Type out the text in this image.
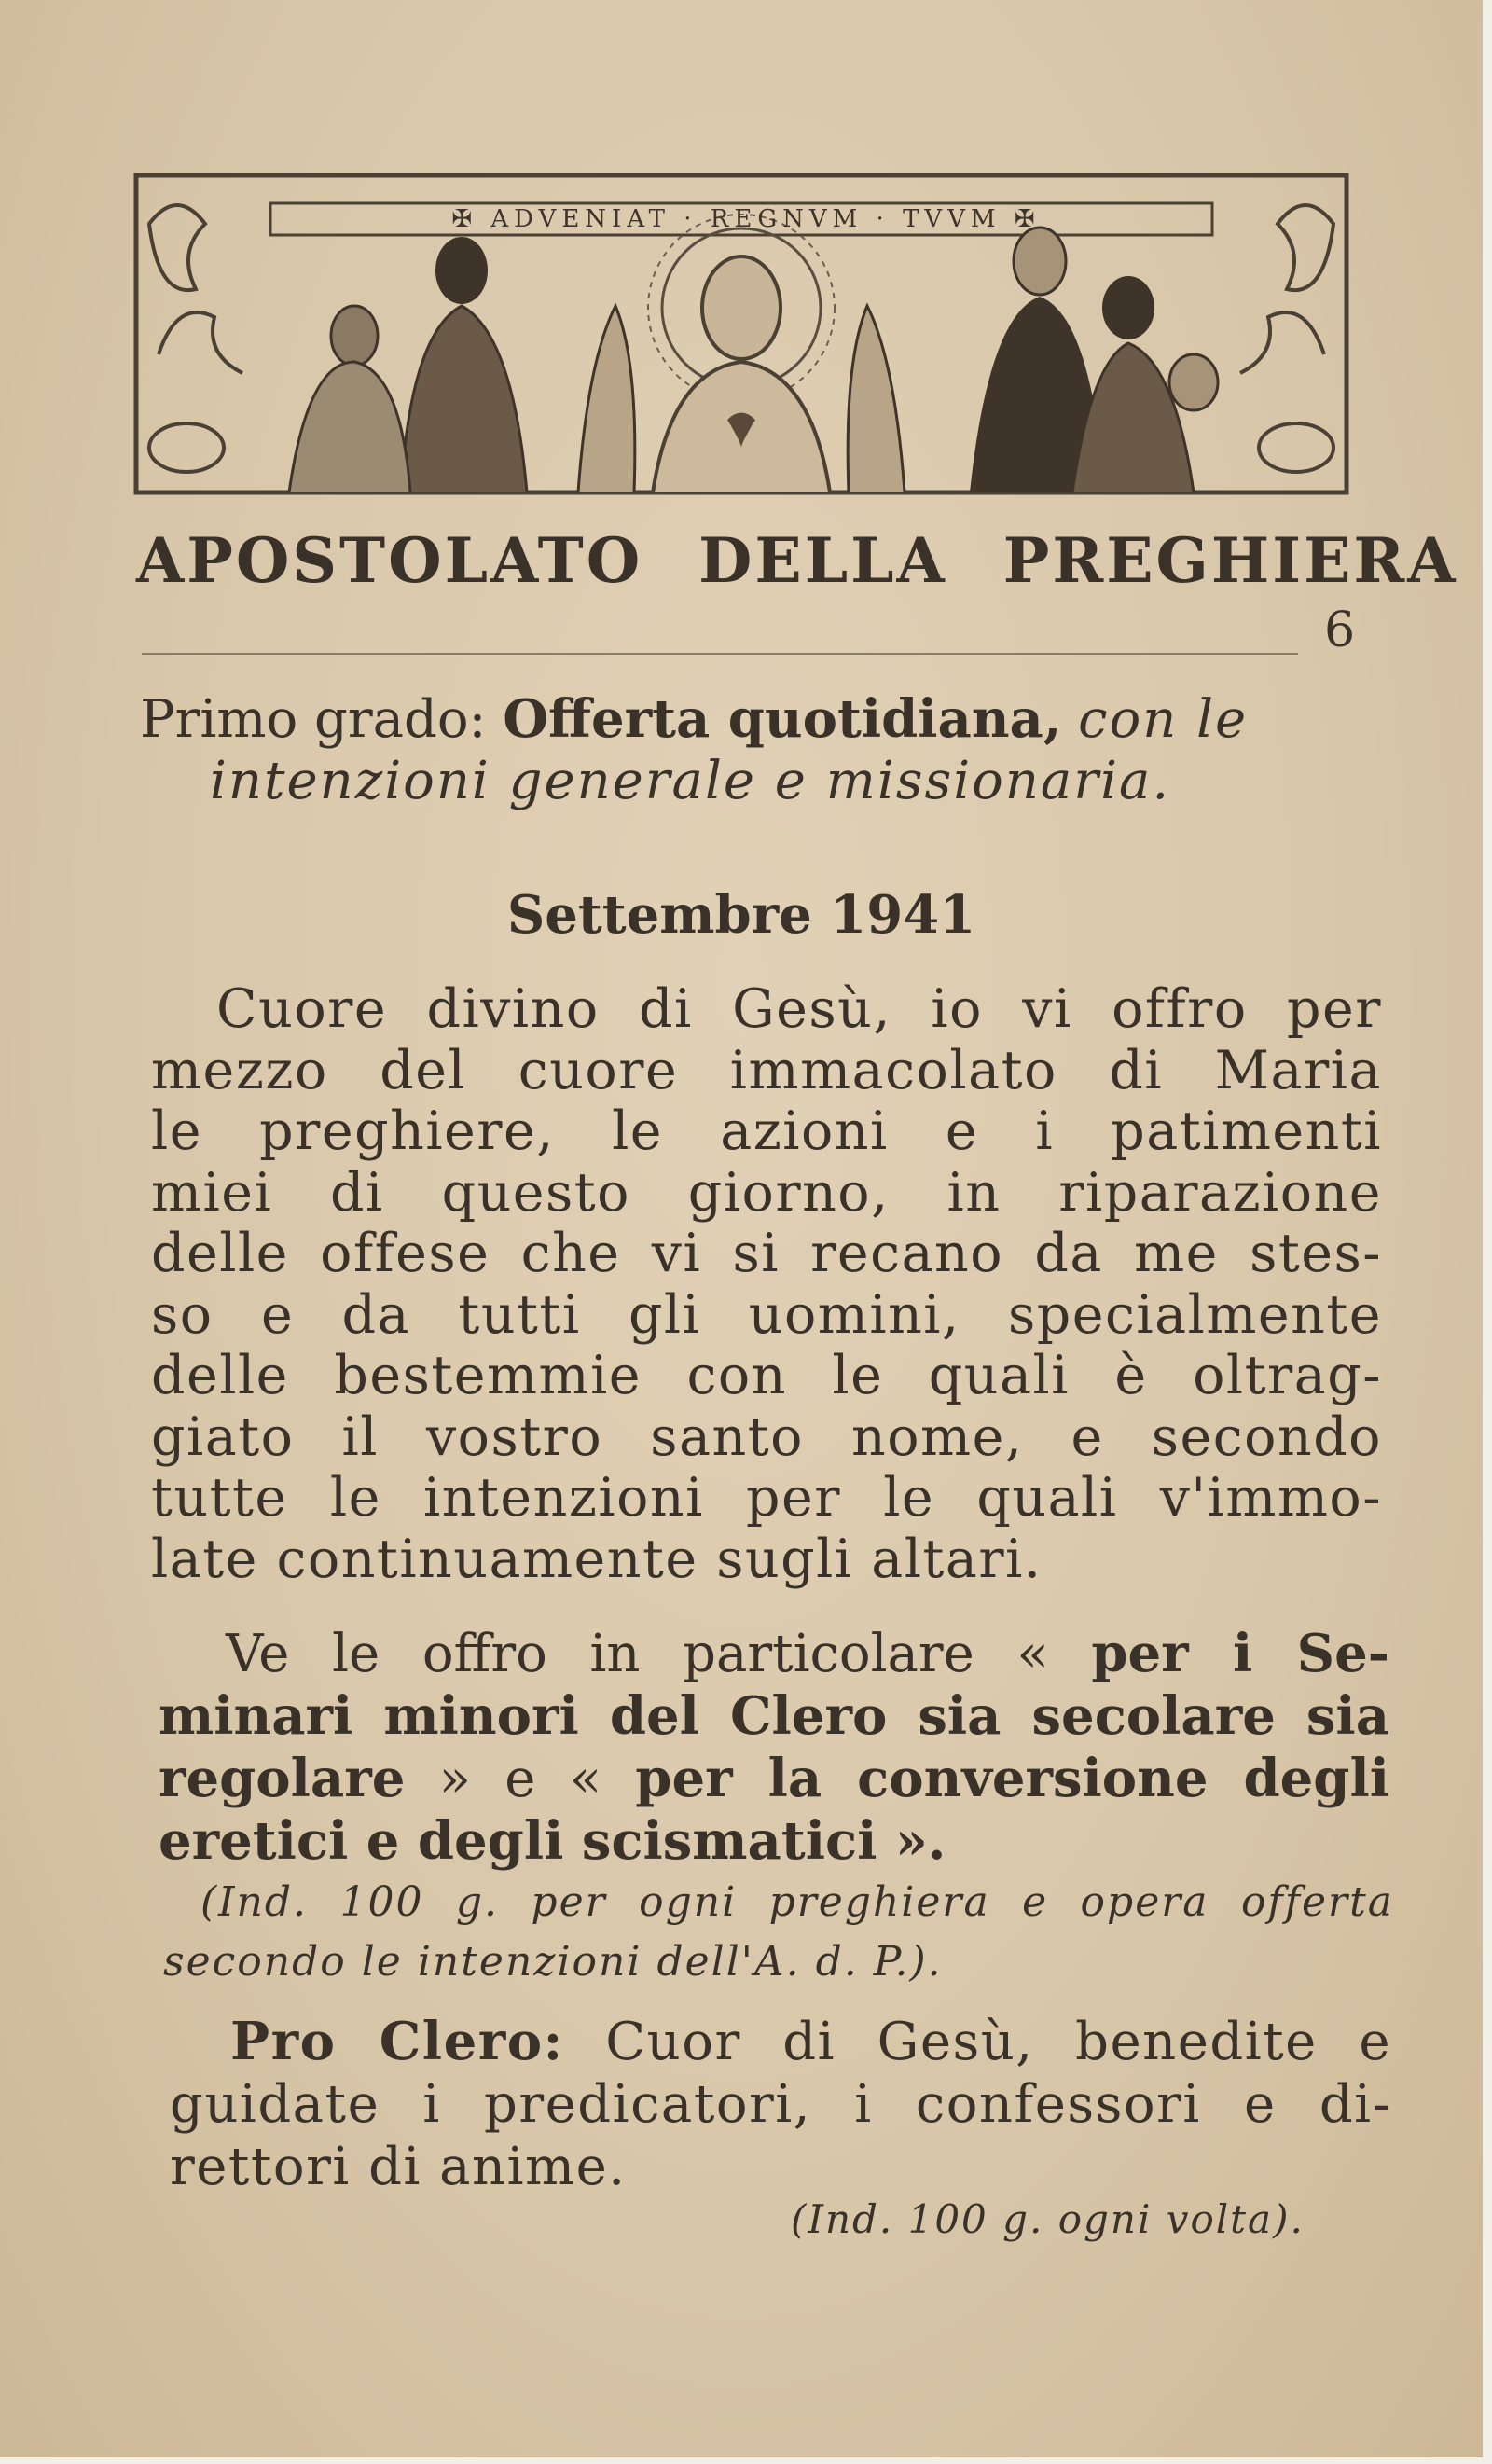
✠ ADVENIAT · REGNVM · TVVM ✠
APOSTOLATO DELLA PREGHIERA
6
Primo grado: Offerta quotidiana, con le
intenzioni generale e missionaria.
Settembre 1941
Cuore divino di Gesù, io vi offro per
mezzo del cuore immacolato di Maria
le preghiere, le azioni e i patimenti
miei di questo giorno, in riparazione
delle offese che vi si recano da me stes-
so e da tutti gli uomini, specialmente
delle bestemmie con le quali è oltrag-
giato il vostro santo nome, e secondo
tutte le intenzioni per le quali v'immo-
late continuamente sugli altari.
Ve le offro in particolare « per i Se-
minari minori del Clero sia secolare sia
regolare » e « per la conversione degli
eretici e degli scismatici ».
(Ind. 100 g. per ogni preghiera e opera offerta
secondo le intenzioni dell'A. d. P.).
Pro Clero: Cuor di Gesù, benedite e
guidate i predicatori, i confessori e di-
rettori di anime.
(Ind. 100 g. ogni volta).
